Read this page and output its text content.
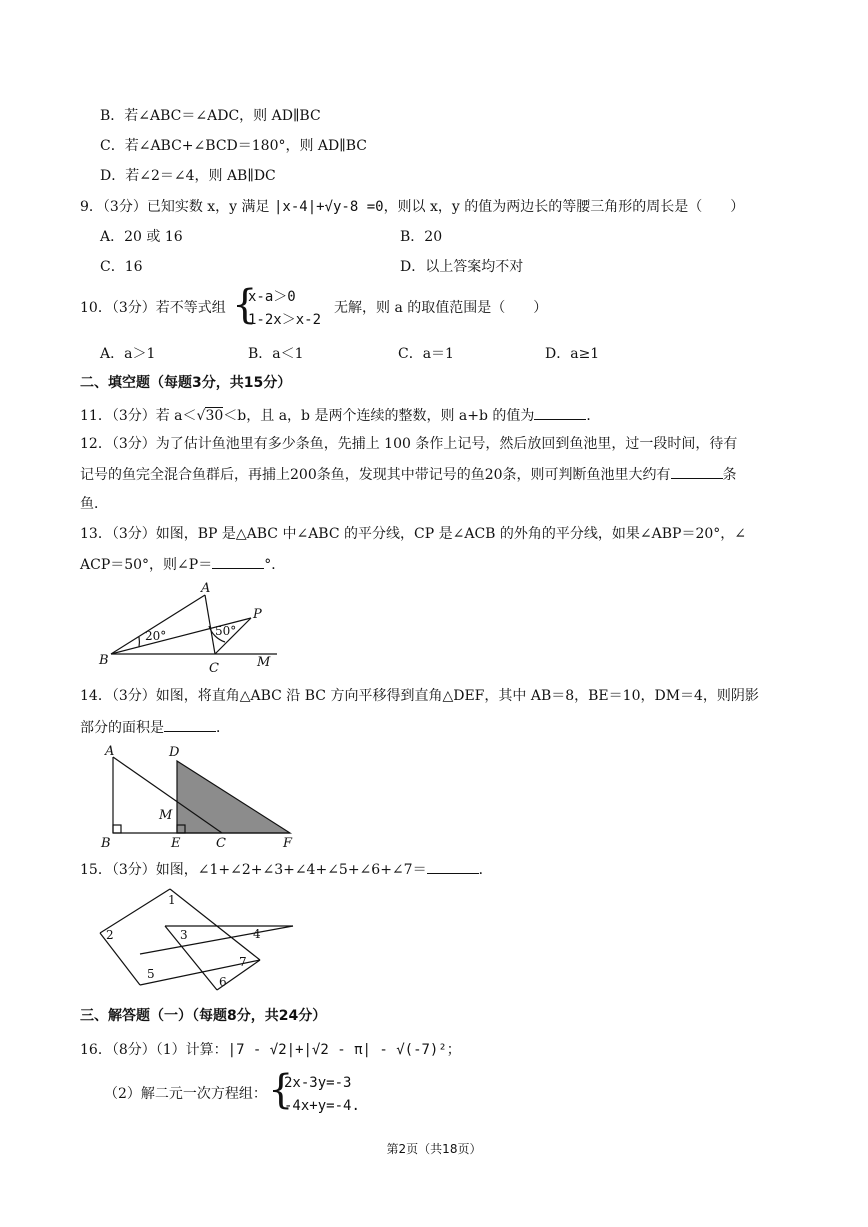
B．若∠ABC＝∠ADC，则 AD∥BC
C．若∠ABC+∠BCD＝180°，则 AD∥BC
D．若∠2＝∠4，则 AB∥DC
9．（3分）已知实数 x，y 满足 |x-4|+√y-8 =0，则以 x，y 的值为两边长的等腰三角形的周长是（　　）
A．20 或 16	B．20
C．16	D．以上答案均不对
10．（3分）若不等式组 {
x-a＞0
1-2x＞x-2
无解，则 a 的取值范围是（　　）
A．a＞1	B．a＜1	C．a＝1	D．a≥1
二、填空题（每题3分，共15分）
11．（3分）若 a＜√30＜b，且 a，b 是两个连续的整数，则 a+b 的值为	．
12．（3分）为了估计鱼池里有多少条鱼，先捕上 100 条作上记号，然后放回到鱼池里，过一段时间，待有
记号的鱼完全混合鱼群后，再捕上200条鱼，发现其中带记号的鱼20条，则可判断鱼池里大约有	条
鱼．
13．（3分）如图，BP 是△ABC 中∠ABC 的平分线，CP 是∠ACB 的外角的平分线，如果∠ABP＝20°，∠
ACP＝50°，则∠P＝	°．
A
B
C
P
M
20°	50°
14．（3分）如图，将直角△ABC 沿 BC 方向平移得到直角△DEF，其中 AB＝8，BE＝10，DM＝4，则阴影
部分的面积是	．
A	D
M
B	E	C	F
15．（3分）如图，∠1+∠2+∠3+∠4+∠5+∠6+∠7＝	．
1
2	3	4
5
6
7
三、解答题（一）（每题8分，共24分）
16．（8分）（1）计算：|7 - √2|+|√2 - π| - √(-7)²；
（2）解二元一次方程组： {
2x-3y=-3
-4x+y=-4.
第2页（共18页）
